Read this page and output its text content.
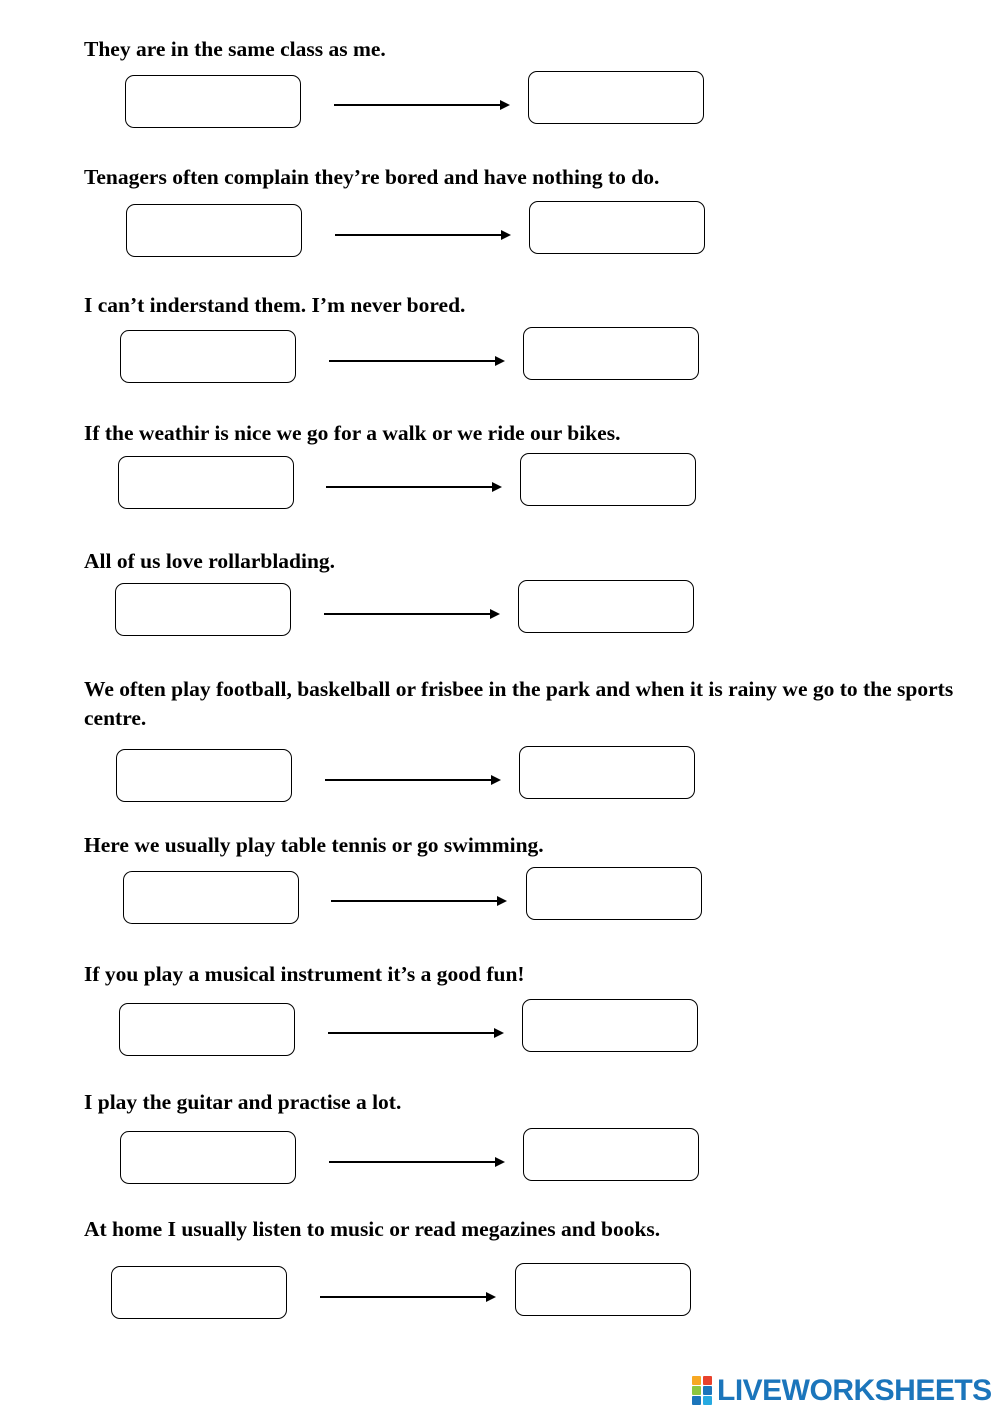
They are in the same class as me.

Tenagers often complain they’re bored and have nothing to do.

I can’t inderstand them. I’m never bored.

If the weathir is nice we go for a walk or we ride our bikes.

All of us love rollarblading.

We often play football, baskelball or frisbee in the park and when it is rainy we go to the sports centre.

Here we usually play table tennis or go swimming.

If you play a musical instrument it’s a good fun!

I play the guitar and practise a lot.

At home I usually listen to music or read megazines and books.

LIVEWORKSHEETS
